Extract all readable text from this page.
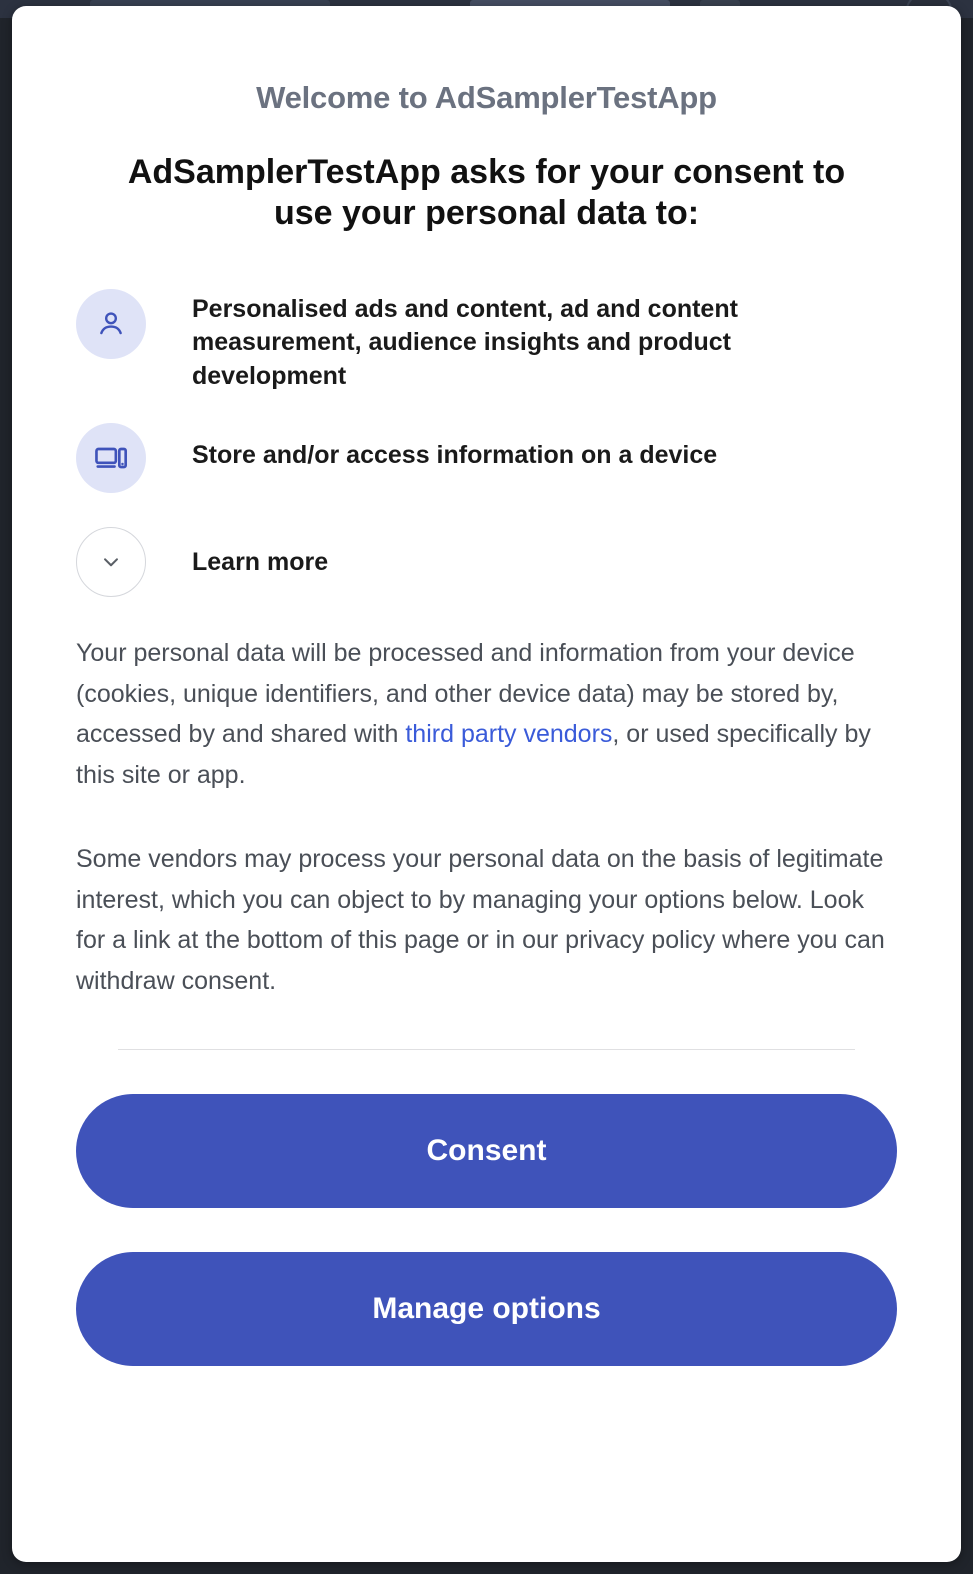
Welcome to AdSamplerTestApp
AdSamplerTestApp asks for your consent to use your personal data to:
Personalised ads and content, ad and content measurement, audience insights and product development
Store and/or access information on a device
Learn more
Your personal data will be processed and information from your device (cookies, unique identifiers, and other device data) may be stored by, accessed by and shared with third party vendors, or used specifically by this site or app.
Some vendors may process your personal data on the basis of legitimate interest, which you can object to by managing your options below. Look for a link at the bottom of this page or in our privacy policy where you can withdraw consent.
Consent
Manage options
